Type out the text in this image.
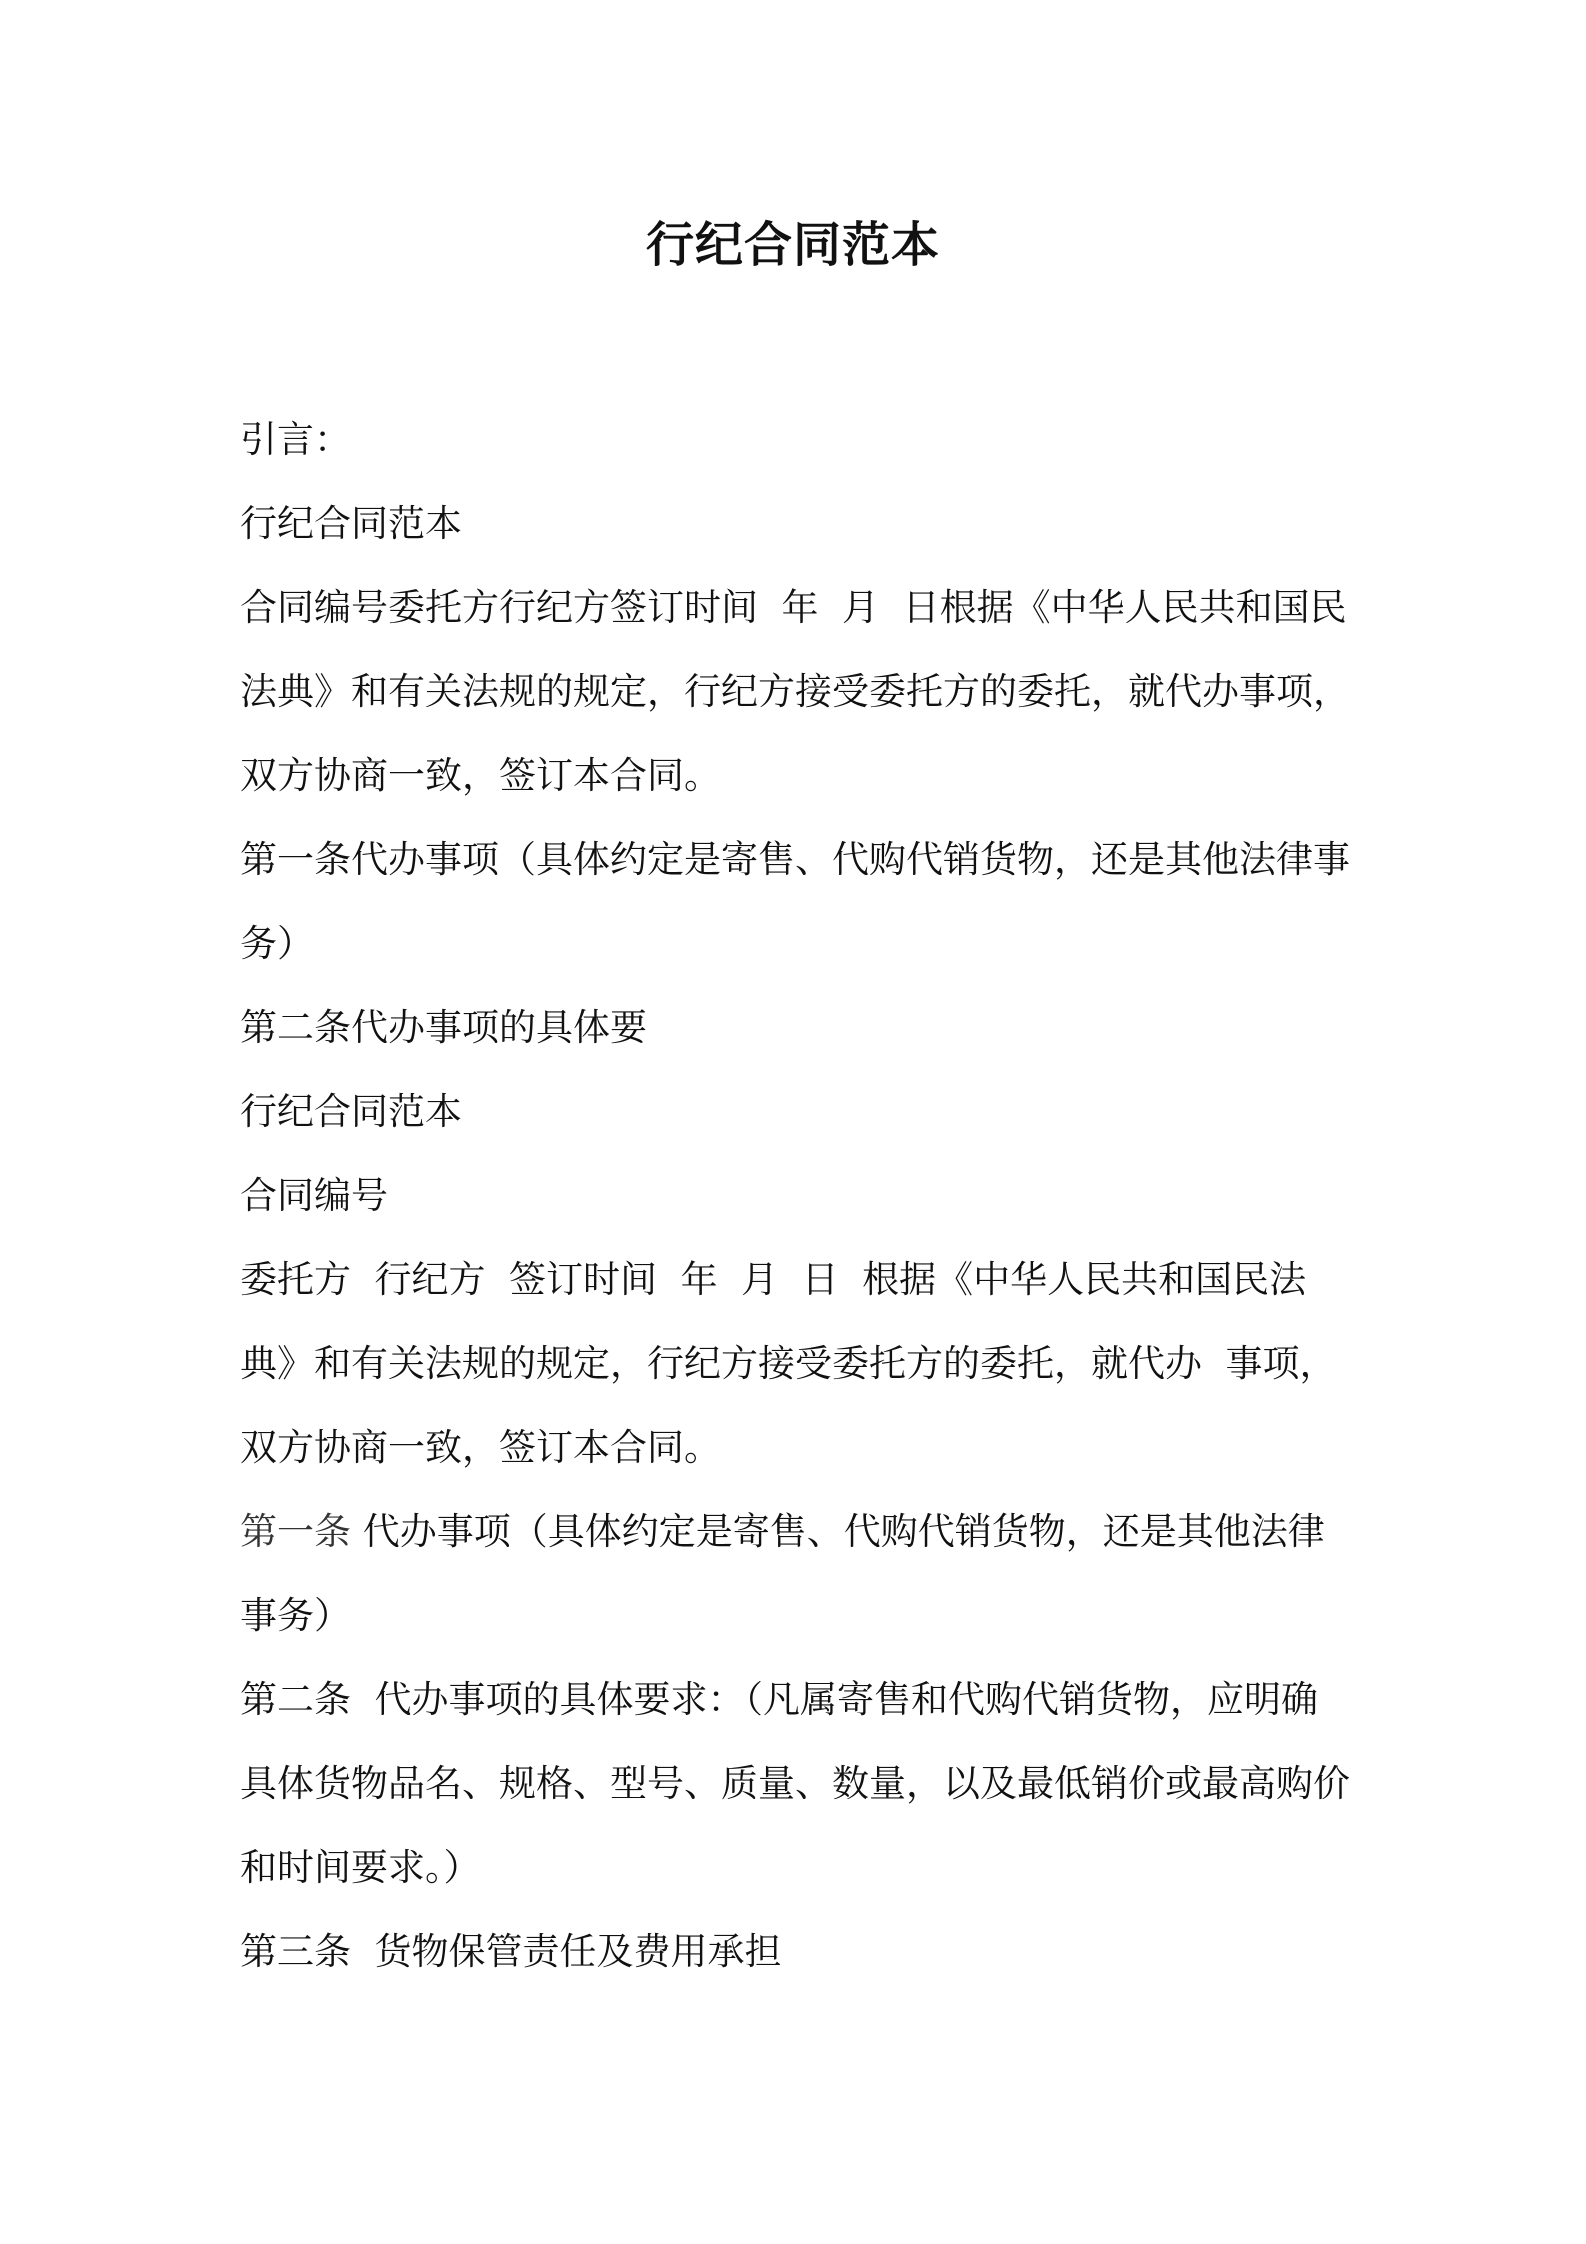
行纪合同范本

引言：

行纪合同范本

合同编号委托方行纪方签订时间  年  月  日根据《中华人民共和国民法典》和有关法规的规定，行纪方接受委托方的委托，就代办事项，双方协商一致，签订本合同。

第一条代办事项（具体约定是寄售、代购代销货物，还是其他法律事务）

第二条代办事项的具体要

行纪合同范本

合同编号

委托方  行纪方  签订时间  年  月  日  根据《中华人民共和国民法典》和有关法规的规定，行纪方接受委托方的委托，就代办  事项，双方协商一致，签订本合同。

第一条 代办事项（具体约定是寄售、代购代销货物，还是其他法律事务）

第二条  代办事项的具体要求：（凡属寄售和代购代销货物，应明确具体货物品名、规格、型号、质量、数量，以及最低销价或最高购价和时间要求。）

第三条  货物保管责任及费用承担
